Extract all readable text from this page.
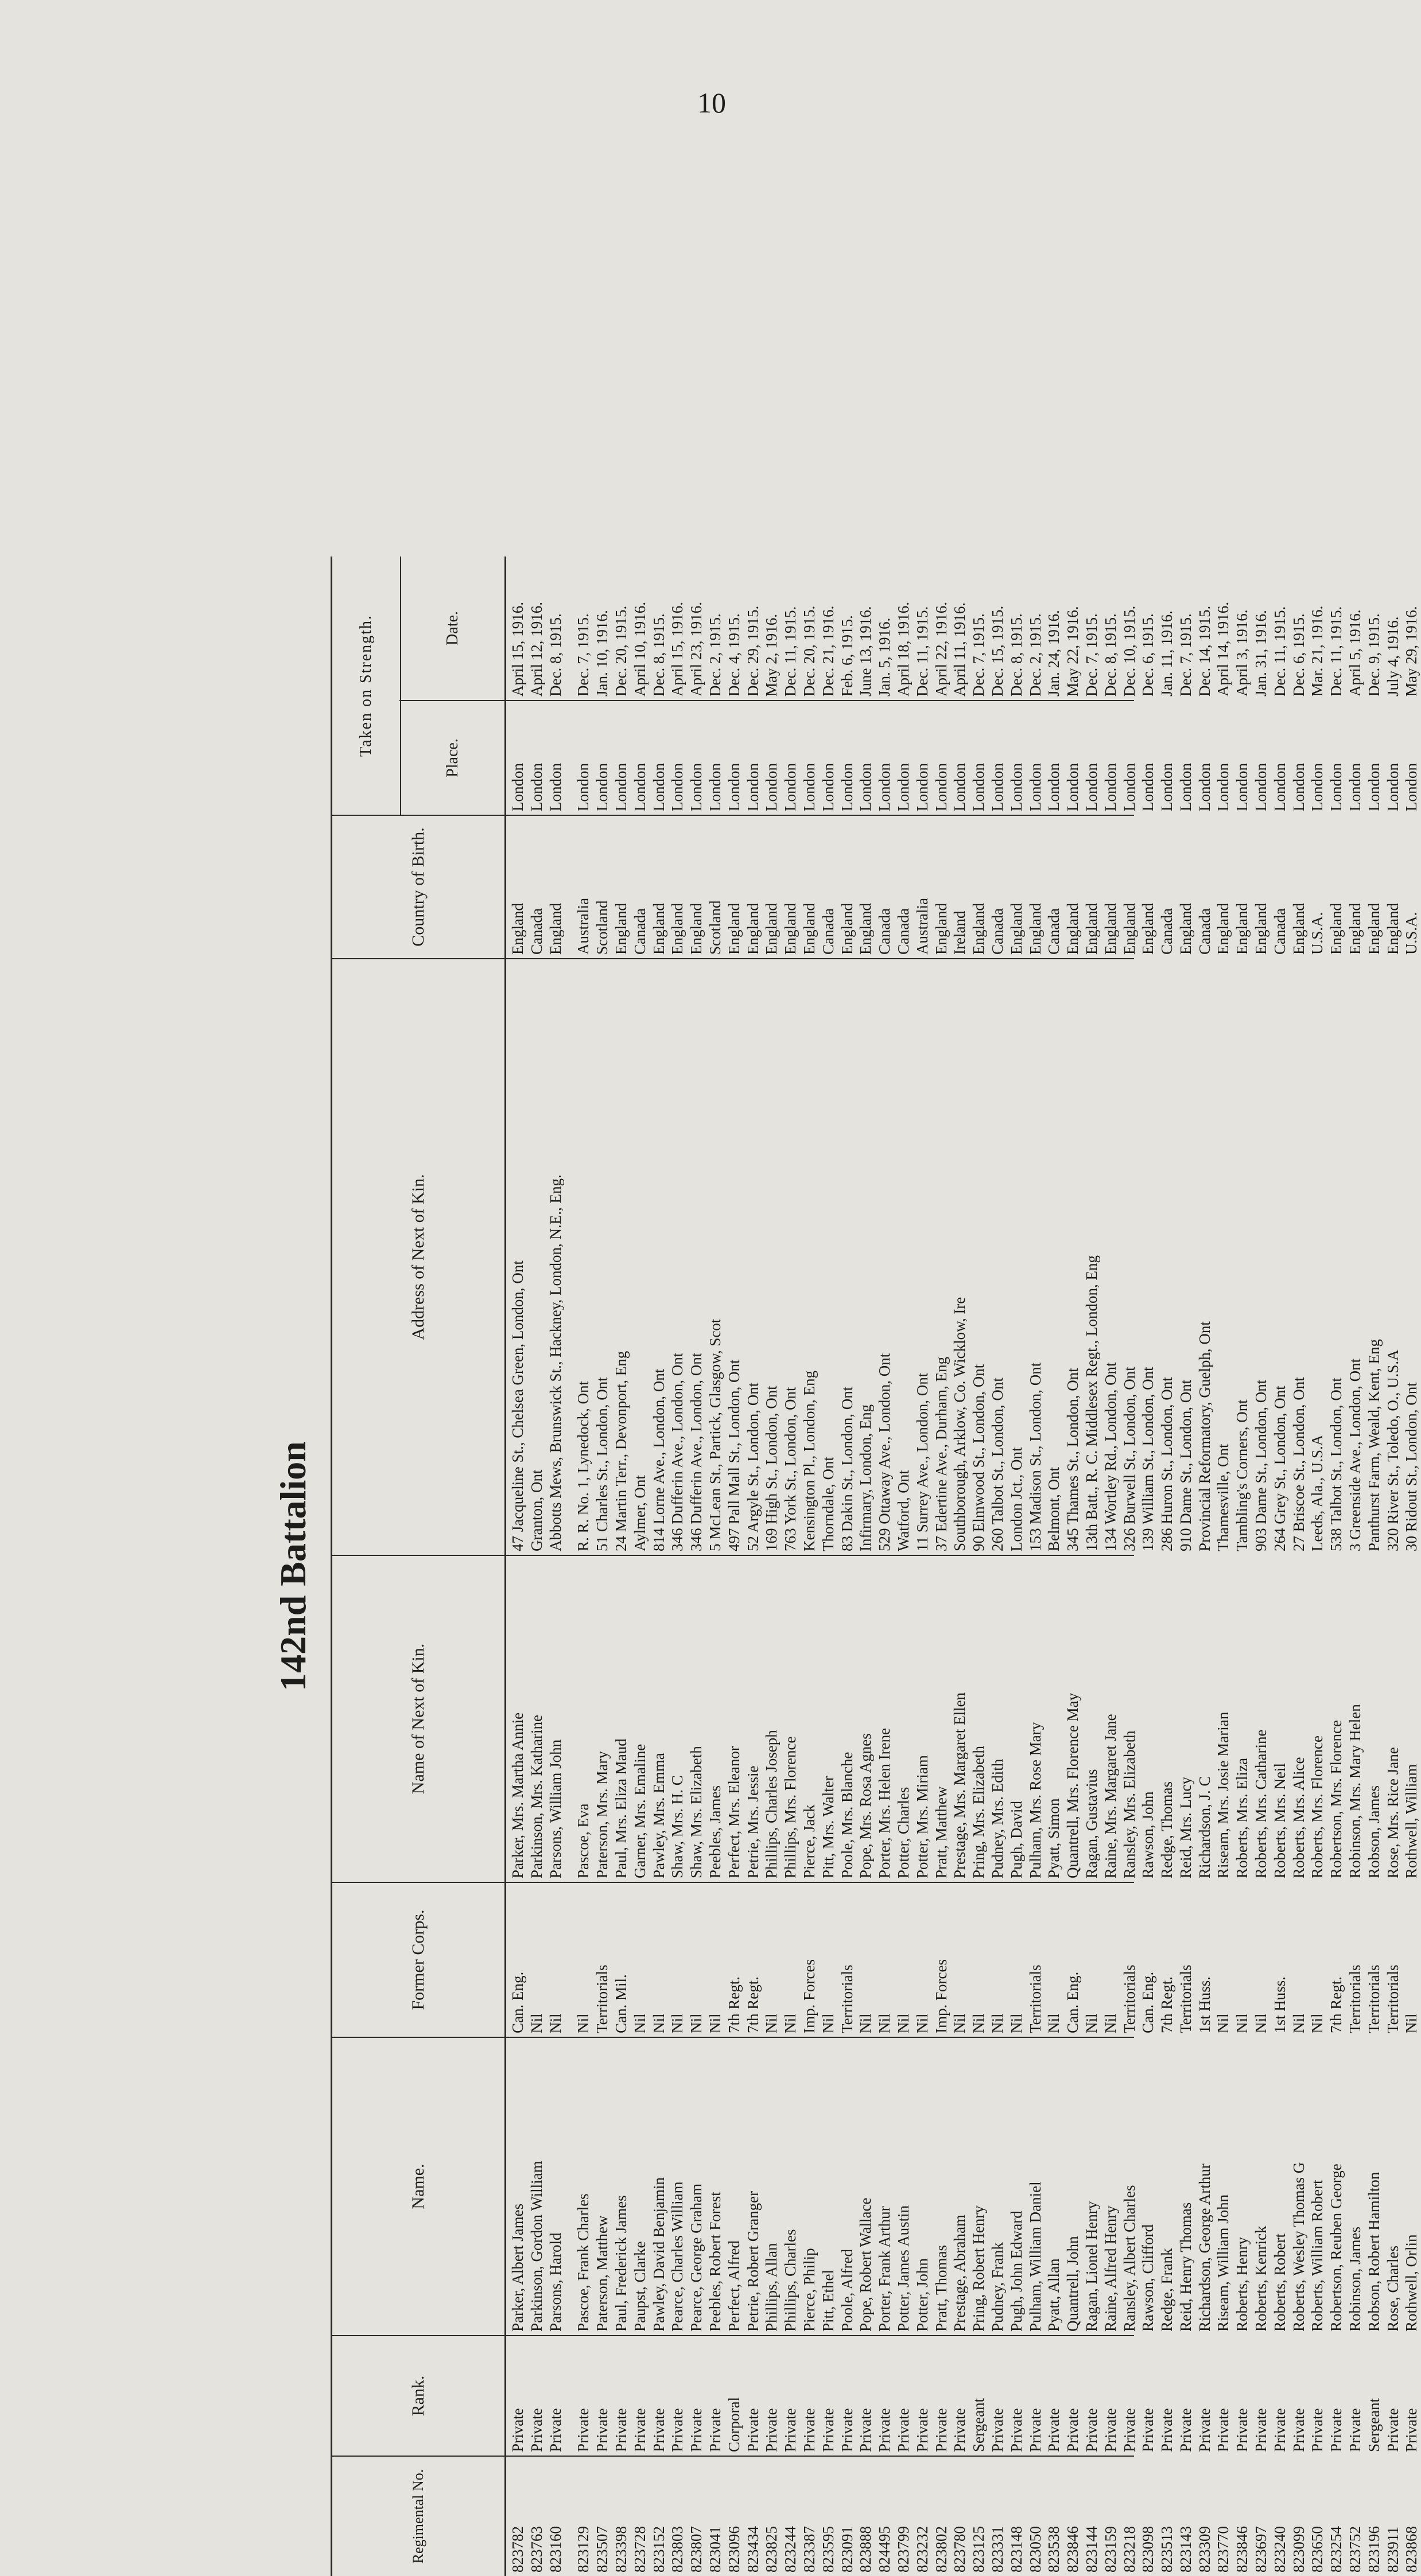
10
142nd Battalion
Regimental No.
Rank.
Name.
Former Corps.
Name of Next of Kin.
Address of Next of Kin.
Country of Birth.
Taken on Strength.
Place.
Date.
823782
Private
Parker, Albert James
Can. Eng.
Parker, Mrs. Martha Annie
47 Jacqueline St., Chelsea Green, London, Ont
England
London
April 15, 1916.
823763
Private
Parkinson, Gordon William
Nil
Parkinson, Mrs. Katharine
Granton, Ont
Canada
London
April 12, 1916.
823160
Private
Parsons, Harold
Nil
Parsons, William John
Abbotts Mews, Brunswick St., Hackney, London, N.E., Eng.
England
London
Dec. 8, 1915.
823129
Private
Pascoe, Frank Charles
Nil
Pascoe, Eva
R. R. No. 1, Lynedock, Ont
Australia
London
Dec. 7, 1915.
823507
Private
Paterson, Matthew
Territorials
Paterson, Mrs. Mary
51 Charles St., London, Ont
Scotland
London
Jan. 10, 1916.
823398
Private
Paul, Frederick James
Can. Mil.
Paul, Mrs. Eliza Maud
24 Martin Terr., Devonport, Eng
England
London
Dec. 20, 1915.
823728
Private
Paupst, Clarke
Nil
Garner, Mrs. Emaline
Aylmer, Ont
Canada
London
April 10, 1916.
823152
Private
Pawley, David Benjamin
Nil
Pawley, Mrs. Emma
814 Lorne Ave., London, Ont
England
London
Dec. 8, 1915.
823803
Private
Pearce, Charles William
Nil
Shaw, Mrs. H. C
346 Dufferin Ave., London, Ont
England
London
April 15, 1916.
823807
Private
Pearce, George Graham
Nil
Shaw, Mrs. Elizabeth
346 Dufferin Ave., London, Ont
England
London
April 23, 1916.
823041
Private
Peebles, Robert Forest
Nil
Peebles, James
5 McLean St., Partick, Glasgow, Scot
Scotland
London
Dec. 2, 1915.
823096
Corporal
Perfect, Alfred
7th Regt.
Perfect, Mrs. Eleanor
497 Pall Mall St., London, Ont
England
London
Dec. 4, 1915.
823434
Private
Petrie, Robert Granger
7th Regt.
Petrie, Mrs. Jessie
52 Argyle St., London, Ont
England
London
Dec. 29, 1915.
823825
Private
Phillips, Allan
Nil
Phillips, Charles Joseph
169 High St., London, Ont
England
London
May 2, 1916.
823244
Private
Phillips, Charles
Nil
Phillips, Mrs. Florence
763 York St., London, Ont
England
London
Dec. 11, 1915.
823387
Private
Pierce, Philip
Imp. Forces
Pierce, Jack
Kensington Pl., London, Eng
England
London
Dec. 20, 1915.
823595
Private
Pitt, Ethel
Nil
Pitt, Mrs. Walter
Thorndale, Ont
Canada
London
Dec. 21, 1916.
823091
Private
Poole, Alfred
Territorials
Poole, Mrs. Blanche
83 Dakin St., London, Ont
England
London
Feb. 6, 1915.
823888
Private
Pope, Robert Wallace
Nil
Pope, Mrs. Rosa Agnes
Infirmary, London, Eng
England
London
June 13, 1916.
824495
Private
Porter, Frank Arthur
Nil
Porter, Mrs. Helen Irene
529 Ottaway Ave., London, Ont
Canada
London
Jan. 5, 1916.
823799
Private
Potter, James Austin
Nil
Potter, Charles
Watford, Ont
Canada
London
April 18, 1916.
823232
Private
Potter, John
Nil
Potter, Mrs. Miriam
11 Surrey Ave., London, Ont
Australia
London
Dec. 11, 1915.
823802
Private
Pratt, Thomas
Imp. Forces
Pratt, Matthew
37 Edertine Ave., Durham, Eng
England
London
April 22, 1916.
823780
Private
Prestage, Abraham
Nil
Prestage, Mrs. Margaret Ellen
Southborough, Arklow, Co. Wicklow, Ire
Ireland
London
April 11, 1916.
823125
Sergeant
Pring, Robert Henry
Nil
Pring, Mrs. Elizabeth
90 Elmwood St., London, Ont
England
London
Dec. 7, 1915.
823331
Private
Pudney, Frank
Nil
Pudney, Mrs. Edith
260 Talbot St., London, Ont
Canada
London
Dec. 15, 1915.
823148
Private
Pugh, John Edward
Nil
Pugh, David
London Jct., Ont
England
London
Dec. 8, 1915.
823050
Private
Pulham, William Daniel
Territorials
Pulham, Mrs. Rose Mary
153 Madison St., London, Ont
England
London
Dec. 2, 1915.
823538
Private
Pyatt, Allan
Nil
Pyatt, Simon
Belmont, Ont
Canada
London
Jan. 24, 1916.
823846
Private
Quantrell, John
Can. Eng.
Quantrell, Mrs. Florence May
345 Thames St., London, Ont
England
London
May 22, 1916.
823144
Private
Ragan, Lionel Henry
Nil
Ragan, Gustavius
13th Batt., R. C. Middlesex Regt., London, Eng
England
London
Dec. 7, 1915.
823159
Private
Raine, Alfred Henry
Nil
Raine, Mrs. Margaret Jane
134 Wortley Rd., London, Ont
England
London
Dec. 8, 1915.
823218
Private
Ransley, Albert Charles
Territorials
Ransley, Mrs. Elizabeth
326 Burwell St., London, Ont
England
London
Dec. 10, 1915.
823098
Private
Rawson, Clifford
Can. Eng.
Rawson, John
139 William St., London, Ont
England
London
Dec. 6, 1915.
823513
Private
Redge, Frank
7th Regt.
Redge, Thomas
286 Huron St., London, Ont
Canada
London
Jan. 11, 1916.
823143
Private
Reid, Henry Thomas
Territorials
Reid, Mrs. Lucy
910 Dame St., London, Ont
England
London
Dec. 7, 1915.
823309
Private
Richardson, George Arthur
1st Huss.
Richardson, J. C
Provincial Reformatory, Guelph, Ont
Canada
London
Dec. 14, 1915.
823770
Private
Riseam, William John
Nil
Riseam, Mrs. Josie Marian
Thamesville, Ont
England
London
April 14, 1916.
823846
Private
Roberts, Henry
Nil
Roberts, Mrs. Eliza
Tambling's Corners, Ont
England
London
April 3, 1916.
823697
Private
Roberts, Kenrick
Nil
Roberts, Mrs. Catharine
903 Dame St., London, Ont
England
London
Jan. 31, 1916.
823240
Private
Roberts, Robert
1st Huss.
Roberts, Mrs. Neil
264 Grey St., London, Ont
Canada
London
Dec. 11, 1915.
823099
Private
Roberts, Wesley Thomas G
Nil
Roberts, Mrs. Alice
27 Briscoe St., London, Ont
England
London
Dec. 6, 1915.
823650
Private
Roberts, William Robert
Nil
Roberts, Mrs. Florence
Leeds, Ala., U.S.A
U.S.A.
London
Mar. 21, 1916.
823254
Private
Robertson, Reuben George
7th Regt.
Robertson, Mrs. Florence
538 Talbot St., London, Ont
England
London
Dec. 11, 1915.
823752
Private
Robinson, James
Territorials
Robinson, Mrs. Mary Helen
3 Greenside Ave., London, Ont
England
London
April 5, 1916.
823196
Sergeant
Robson, Robert Hamilton
Territorials
Robson, James
Panthurst Farm, Weald, Kent, Eng
England
London
Dec. 9, 1915.
823911
Private
Rose, Charles
Territorials
Rose, Mrs. Rice Jane
320 River St., Toledo, O., U.S.A
England
London
July 4, 1916.
823868
Private
Rothwell, Orlin
Nil
Rothwell, William
30 Ridout St., London, Ont
U.S.A.
London
May 29, 1916.
